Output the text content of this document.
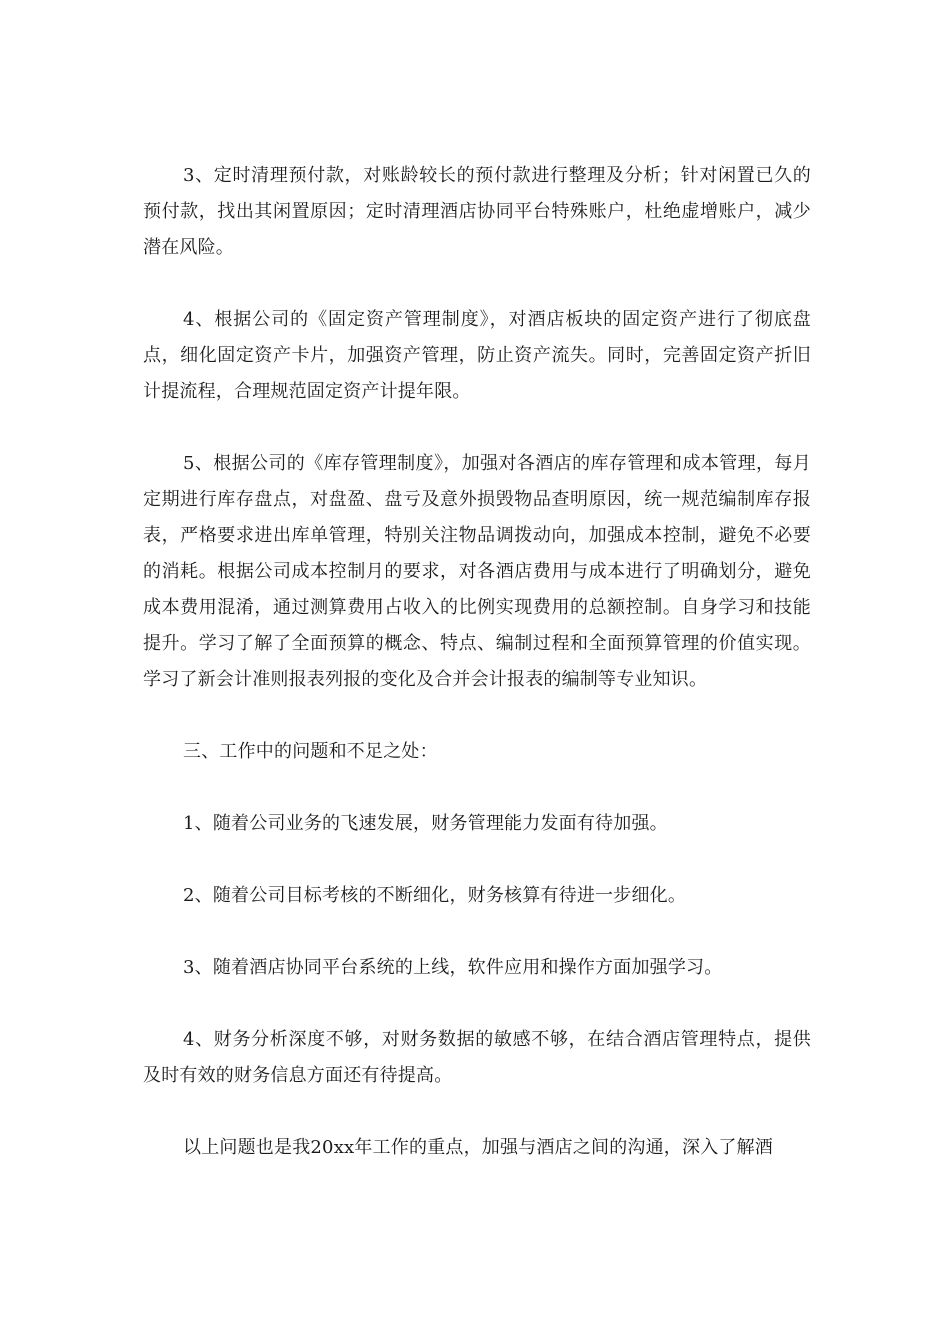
3、定时清理预付款，对账龄较长的预付款进行整理及分析；针对闲置已久的预付款，找出其闲置原因；定时清理酒店协同平台特殊账户，杜绝虚增账户，减少潜在风险。

4、根据公司的《固定资产管理制度》，对酒店板块的固定资产进行了彻底盘点，细化固定资产卡片，加强资产管理，防止资产流失。同时，完善固定资产折旧计提流程，合理规范固定资产计提年限。

5、根据公司的《库存管理制度》，加强对各酒店的库存管理和成本管理，每月定期进行库存盘点，对盘盈、盘亏及意外损毁物品查明原因，统一规范编制库存报表，严格要求进出库单管理，特别关注物品调拨动向，加强成本控制，避免不必要的消耗。根据公司成本控制月的要求，对各酒店费用与成本进行了明确划分，避免成本费用混淆，通过测算费用占收入的比例实现费用的总额控制。自身学习和技能提升。学习了解了全面预算的概念、特点、编制过程和全面预算管理的价值实现。学习了新会计准则报表列报的变化及合并会计报表的编制等专业知识。

三、工作中的问题和不足之处：

1、随着公司业务的飞速发展，财务管理能力发面有待加强。

2、随着公司目标考核的不断细化，财务核算有待进一步细化。

3、随着酒店协同平台系统的上线，软件应用和操作方面加强学习。

4、财务分析深度不够，对财务数据的敏感不够，在结合酒店管理特点，提供及时有效的财务信息方面还有待提高。

以上问题也是我20xx年工作的重点，加强与酒店之间的沟通，深入了解酒
